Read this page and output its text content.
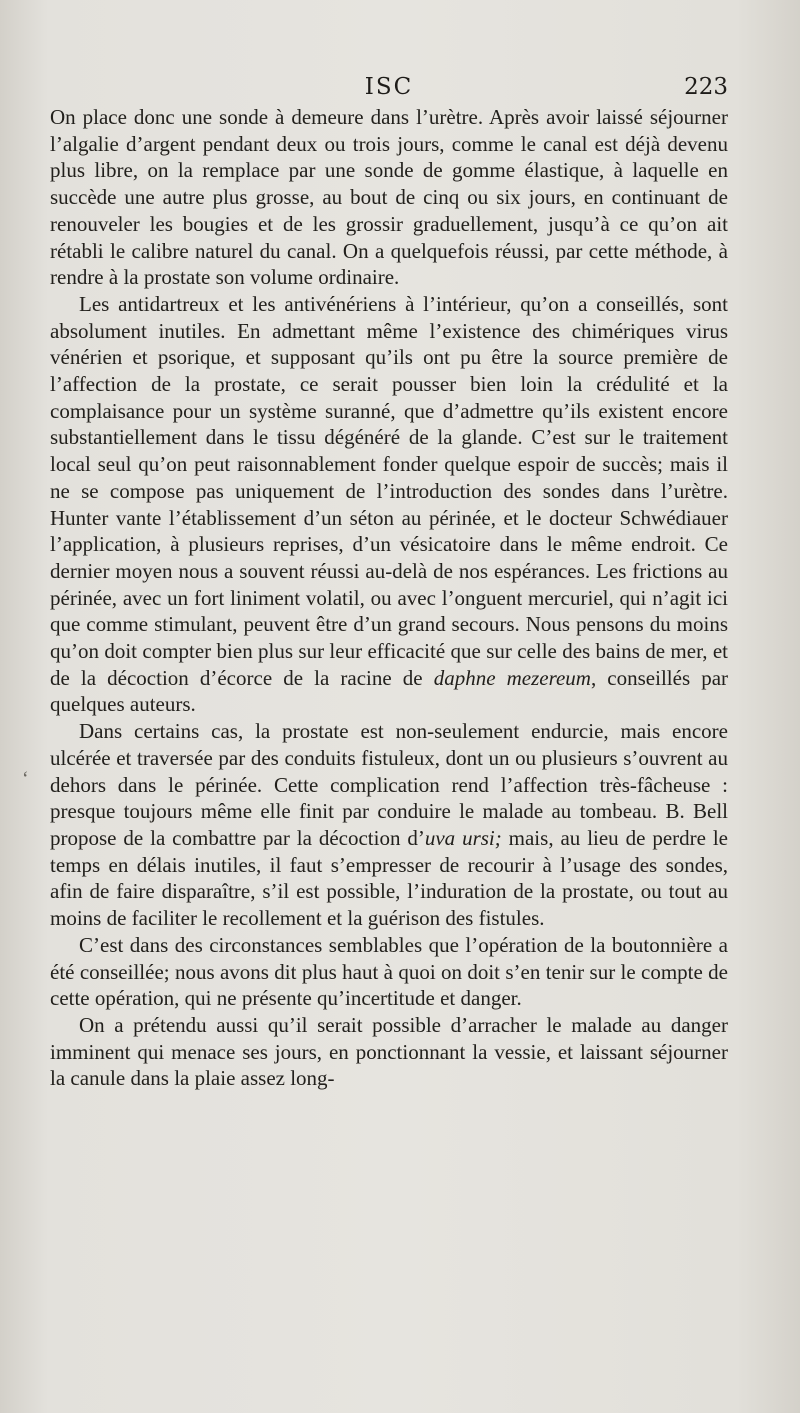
ISC	223
‘

On place donc une sonde à demeure dans l’urètre. Après avoir laissé séjourner l’algalie d’argent pendant deux ou trois jours, comme le canal est déjà devenu plus libre, on la remplace par une sonde de gomme élastique, à laquelle en succède une autre plus grosse, au bout de cinq ou six jours, en continuant de renouveler les bougies et de les grossir graduellement, jusqu’à ce qu’on ait rétabli le calibre naturel du canal. On a quelquefois réussi, par cette méthode, à rendre à la prostate son volume ordinaire.

Les antidartreux et les antivénériens à l’intérieur, qu’on a conseillés, sont absolument inutiles. En admettant même l’existence des chimériques virus vénérien et psorique, et supposant qu’ils ont pu être la source première de l’affection de la prostate, ce serait pousser bien loin la crédulité et la complaisance pour un système suranné, que d’admettre qu’ils existent encore substantiellement dans le tissu dégénéré de la glande. C’est sur le traitement local seul qu’on peut raisonnablement fonder quelque espoir de succès; mais il ne se compose pas uniquement de l’introduction des sondes dans l’urètre. Hunter vante l’établissement d’un séton au périnée, et le docteur Schwédiauer l’application, à plusieurs reprises, d’un vésicatoire dans le même endroit. Ce dernier moyen nous a souvent réussi au-delà de nos espérances. Les frictions au périnée, avec un fort liniment volatil, ou avec l’onguent mercuriel, qui n’agit ici que comme stimulant, peuvent être d’un grand secours. Nous pensons du moins qu’on doit compter bien plus sur leur efficacité que sur celle des bains de mer, et de la décoction d’écorce de la racine de daphne mezereum, conseillés par quelques auteurs.

Dans certains cas, la prostate est non-seulement endurcie, mais encore ulcérée et traversée par des conduits fistuleux, dont un ou plusieurs s’ouvrent au dehors dans le périnée. Cette complication rend l’affection très-fâcheuse : presque toujours même elle finit par conduire le malade au tombeau. B. Bell propose de la combattre par la décoction d’uva ursi; mais, au lieu de perdre le temps en délais inutiles, il faut s’empresser de recourir à l’usage des sondes, afin de faire disparaître, s’il est possible, l’induration de la prostate, ou tout au moins de faciliter le recollement et la guérison des fistules.

C’est dans des circonstances semblables que l’opération de la boutonnière a été conseillée; nous avons dit plus haut à quoi on doit s’en tenir sur le compte de cette opération, qui ne présente qu’incertitude et danger.

On a prétendu aussi qu’il serait possible d’arracher le malade au danger imminent qui menace ses jours, en ponctionnant la vessie, et laissant séjourner la canule dans la plaie assez long-
